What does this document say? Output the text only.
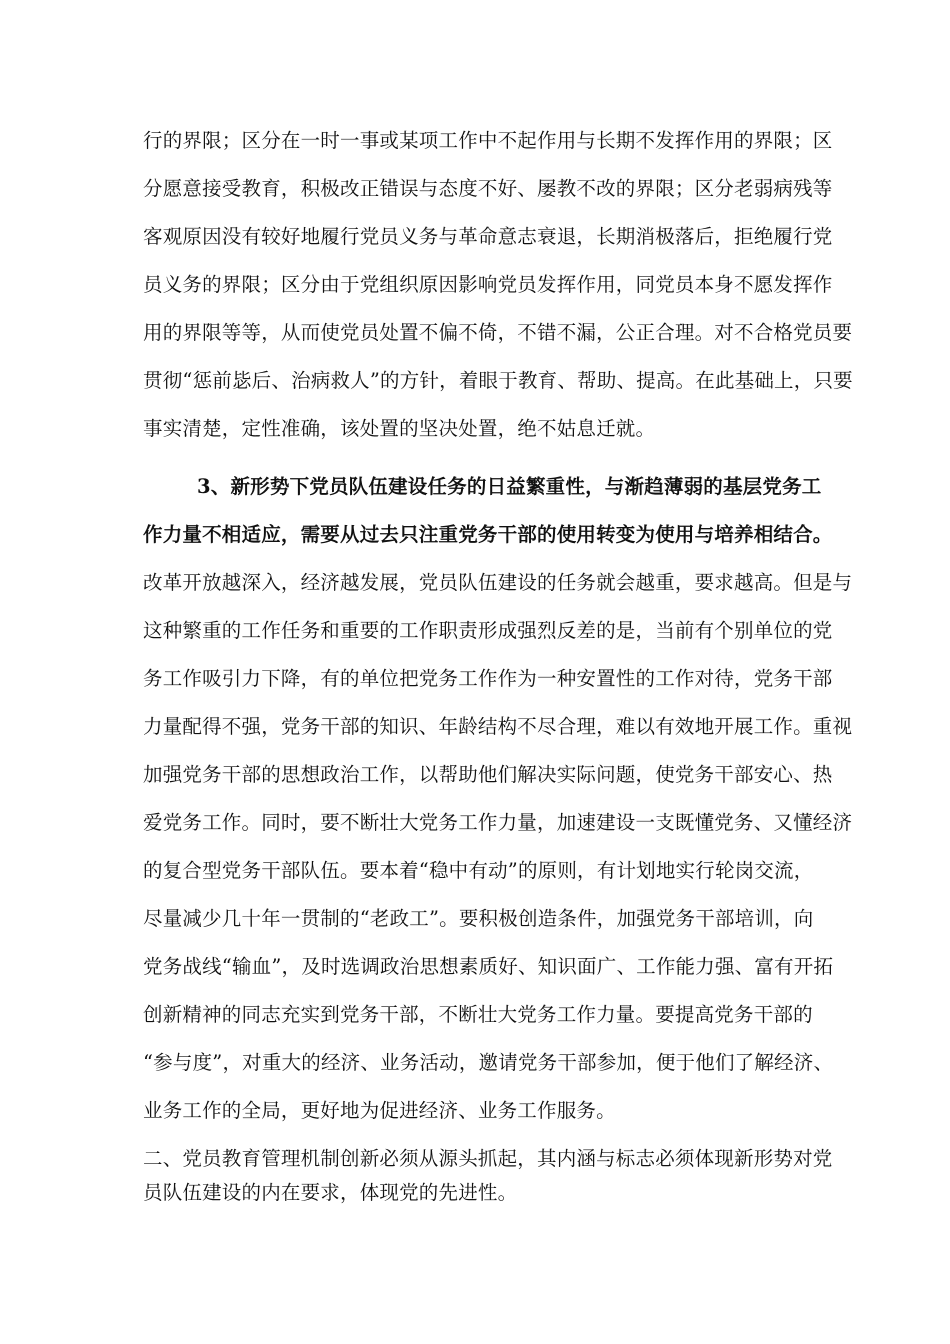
行的界限；区分在一时一事或某项工作中不起作用与长期不发挥作用的界限；区
分愿意接受教育，积极改正错误与态度不好、屡教不改的界限；区分老弱病残等
客观原因没有较好地履行党员义务与革命意志衰退，长期消极落后，拒绝履行党
员义务的界限；区分由于党组织原因影响党员发挥作用，同党员本身不愿发挥作
用的界限等等，从而使党员处置不偏不倚，不错不漏，公正合理。对不合格党员要
贯彻“惩前毖后、治病救人”的方针，着眼于教育、帮助、提高。在此基础上，只要
事实清楚，定性准确，该处置的坚决处置，绝不姑息迁就。
3、新形势下党员队伍建设任务的日益繁重性，与渐趋薄弱的基层党务工
作力量不相适应，需要从过去只注重党务干部的使用转变为使用与培养相结合。
改革开放越深入，经济越发展，党员队伍建设的任务就会越重，要求越高。但是与
这种繁重的工作任务和重要的工作职责形成强烈反差的是，当前有个别单位的党
务工作吸引力下降，有的单位把党务工作作为一种安置性的工作对待，党务干部
力量配得不强，党务干部的知识、年龄结构不尽合理，难以有效地开展工作。重视
加强党务干部的思想政治工作，以帮助他们解决实际问题，使党务干部安心、热
爱党务工作。同时，要不断壮大党务工作力量，加速建设一支既懂党务、又懂经济
的复合型党务干部队伍。要本着“稳中有动”的原则，有计划地实行轮岗交流，
尽量减少几十年一贯制的“老政工”。要积极创造条件，加强党务干部培训，向
党务战线“输血”，及时选调政治思想素质好、知识面广、工作能力强、富有开拓
创新精神的同志充实到党务干部，不断壮大党务工作力量。要提高党务干部的
“参与度”，对重大的经济、业务活动，邀请党务干部参加，便于他们了解经济、
业务工作的全局，更好地为促进经济、业务工作服务。
二、党员教育管理机制创新必须从源头抓起，其内涵与标志必须体现新形势对党
员队伍建设的内在要求，体现党的先进性。
